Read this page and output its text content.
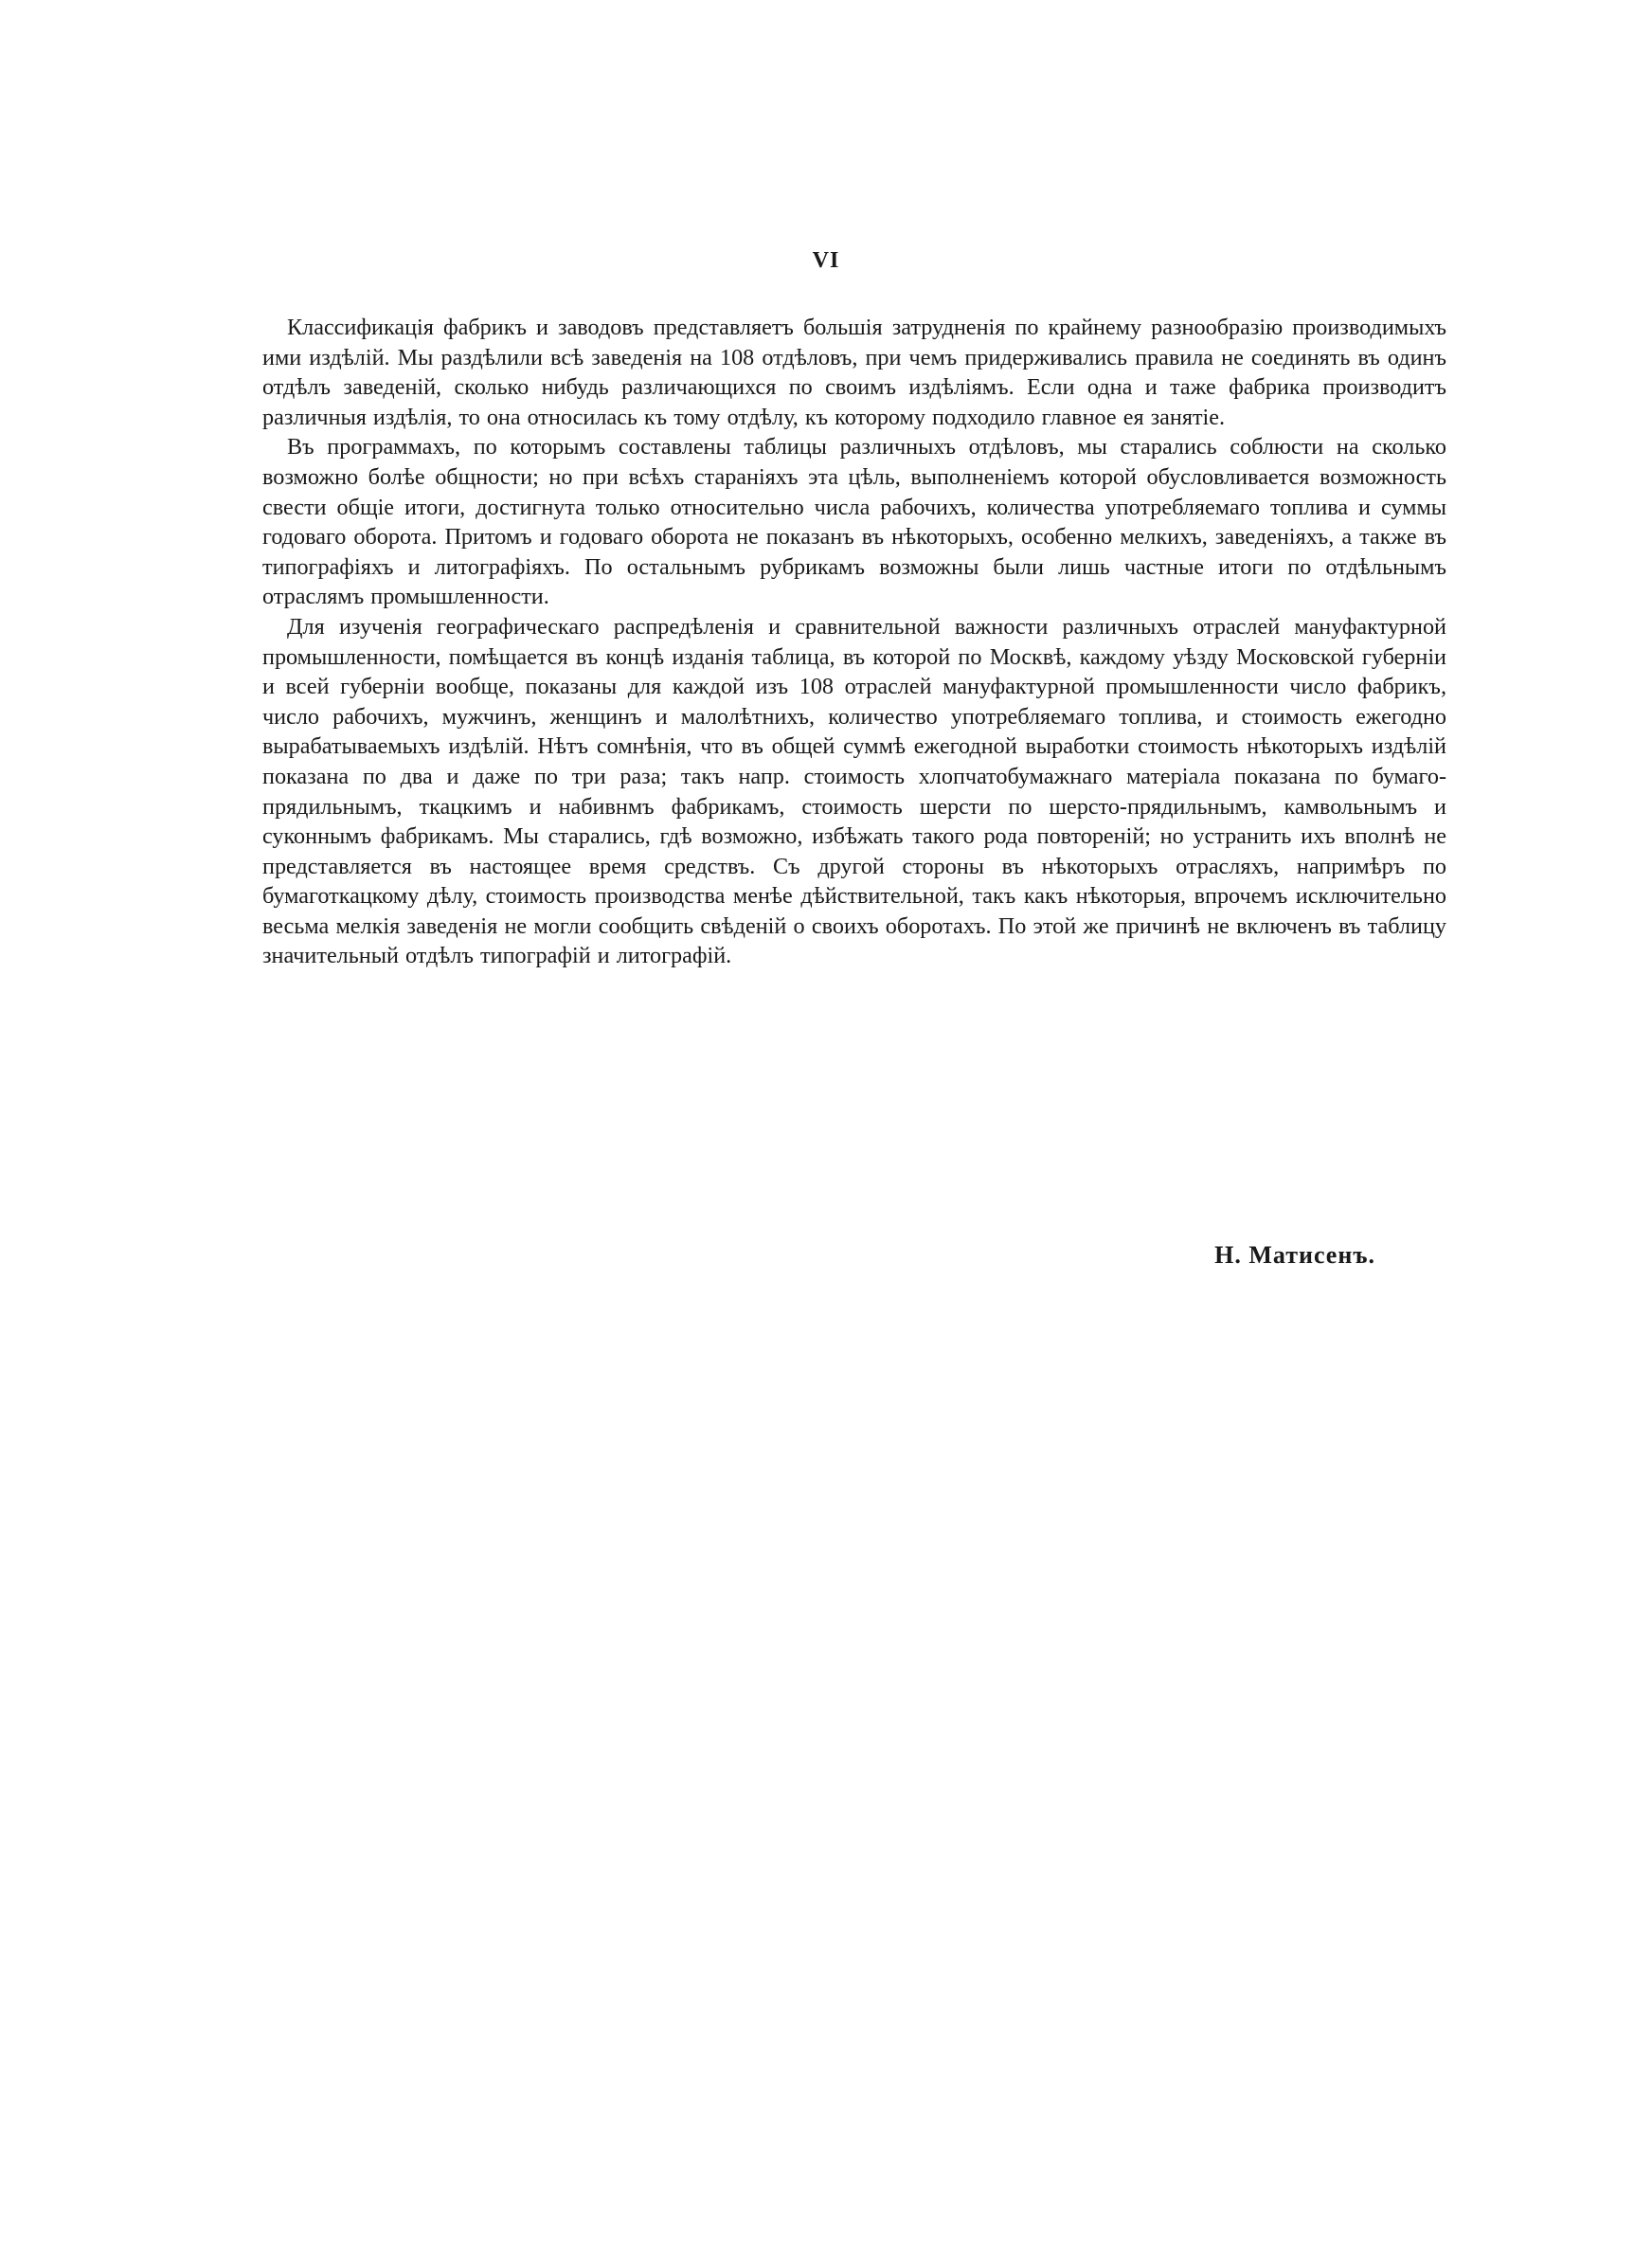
VI

Классификація фабрикъ и заводовъ представляетъ большія затрудненія по крайнему разнообразію производимыхъ ими издѣлій. Мы раздѣлили всѣ заведенія на 108 отдѣловъ, при чемъ придерживались правила не соединять въ одинъ отдѣлъ заведеній, сколько нибудь различающихся по своимъ издѣліямъ. Если одна и таже фабрика производитъ различныя издѣлія, то она относилась къ тому отдѣлу, къ которому подходило главное ея занятіе.

Въ программахъ, по которымъ составлены таблицы различныхъ отдѣловъ, мы старались соблюсти на сколько возможно болѣе общности; но при всѣхъ стараніяхъ эта цѣль, выполненіемъ которой обусловливается возможность свести общіе итоги, достигнута только относительно числа рабочихъ, количества употребляемаго топлива и суммы годоваго оборота. Притомъ и годоваго оборота не показанъ въ нѣкоторыхъ, особенно мелкихъ, заведеніяхъ, а также въ типографіяхъ и литографіяхъ. По остальнымъ рубрикамъ возможны были лишь частные итоги по отдѣльнымъ отраслямъ промышленности.

Для изученія географическаго распредѣленія и сравнительной важности различныхъ отраслей мануфактурной промышленности, помѣщается въ концѣ изданія таблица, въ которой по Москвѣ, каждому уѣзду Московской губерніи и всей губерніи вообще, показаны для каждой изъ 108 отраслей мануфактурной промышленности число фабрикъ, число рабочихъ, мужчинъ, женщинъ и малолѣтнихъ, количество употребляемаго топлива, и стоимость ежегодно вырабатываемыхъ издѣлій. Нѣтъ сомнѣнія, что въ общей суммѣ ежегодной выработки стоимость нѣкоторыхъ издѣлій показана по два и даже по три раза; такъ напр. стоимость хлопчатобумажнаго матеріала показана по бумаго-прядильнымъ, ткацкимъ и набивнмъ фабрикамъ, стоимость шерсти по шерсто-прядильнымъ, камвольнымъ и суконнымъ фабрикамъ. Мы старались, гдѣ возможно, избѣжать такого рода повтореній; но устранить ихъ вполнѣ не представляется въ настоящее время средствъ. Съ другой стороны въ нѣкоторыхъ отрасляхъ, напримѣръ по бумаготкацкому дѣлу, стоимость производства менѣе дѣйствительной, такъ какъ нѣкоторыя, впрочемъ исключительно весьма мелкія заведенія не могли сообщить свѣденій о своихъ оборотахъ. По этой же причинѣ не включенъ въ таблицу значительный отдѣлъ типографій и литографій.

Н. Матисенъ.
